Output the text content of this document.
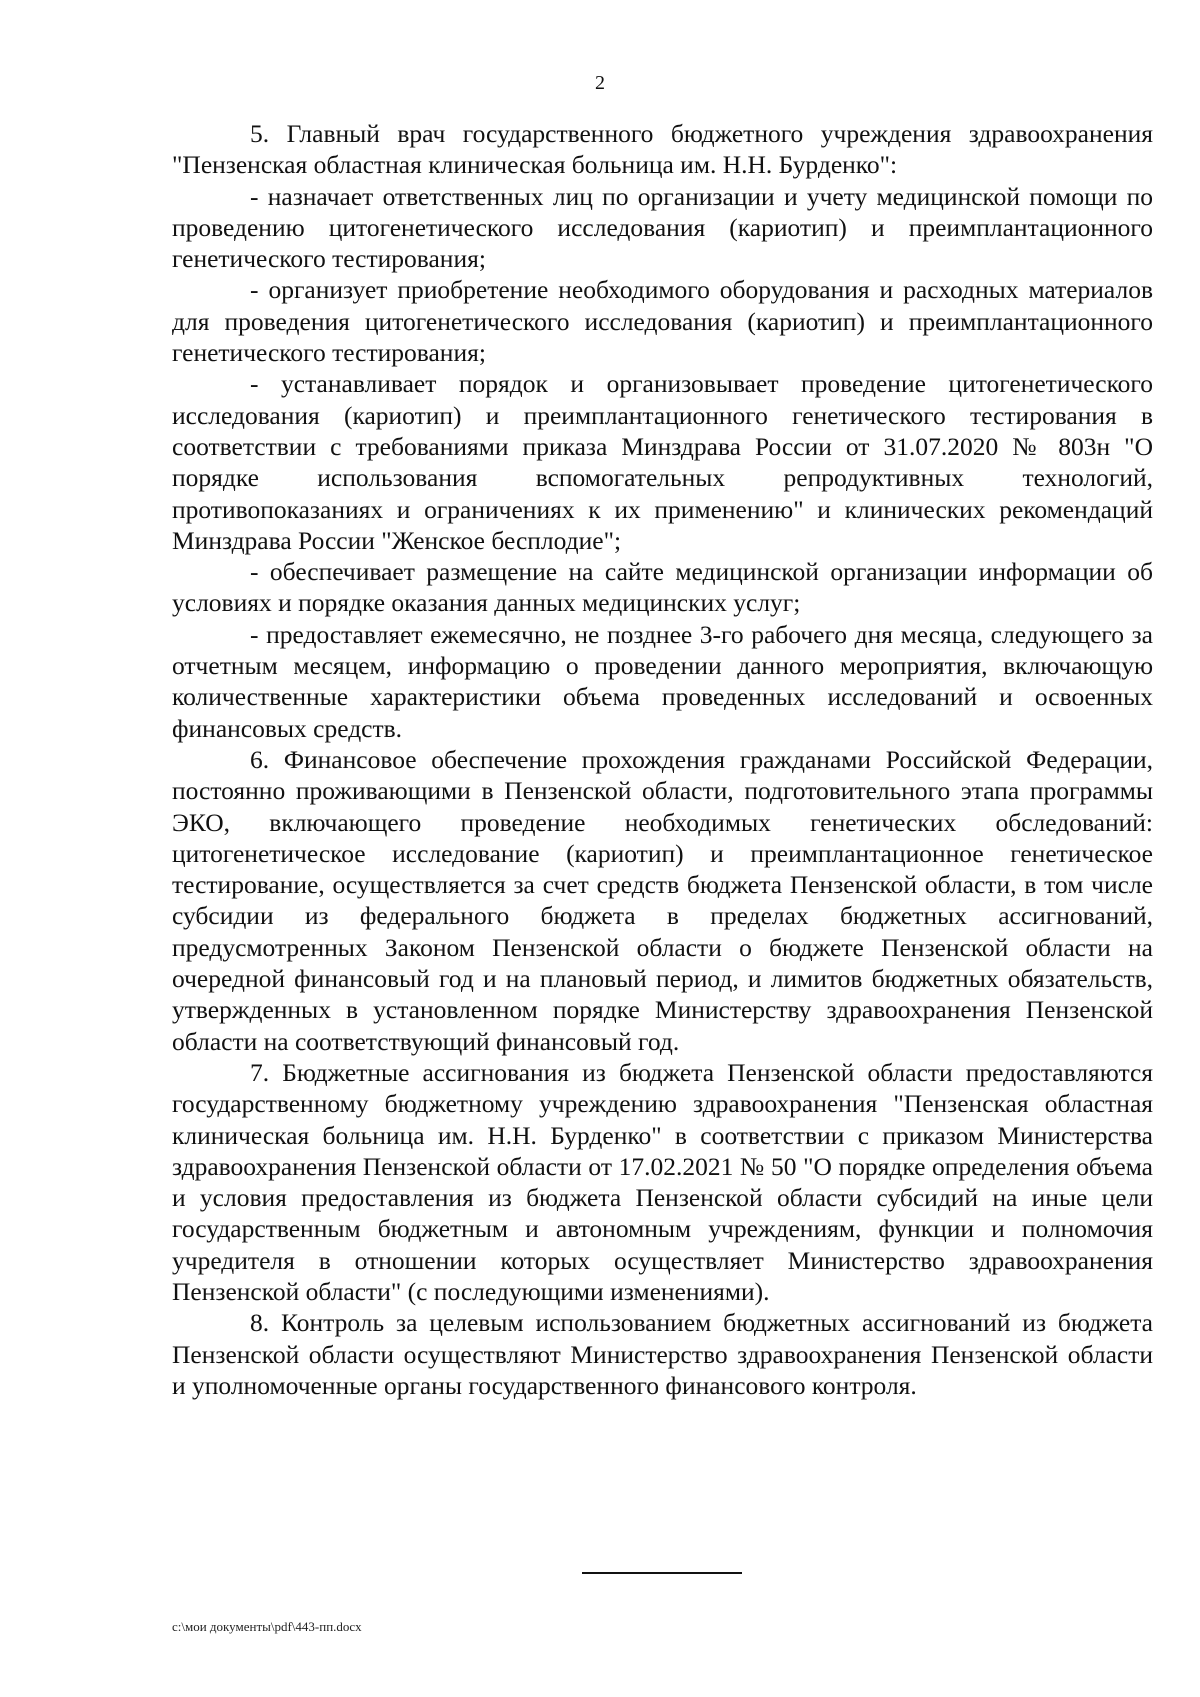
2

5. Главный врач государственного бюджетного учреждения здравоохранения "Пензенская областная клиническая больница им. Н.Н. Бурденко":

- назначает ответственных лиц по организации и учету медицинской помощи по проведению цитогенетического исследования (кариотип) и преимплантационного генетического тестирования;

- организует приобретение необходимого оборудования и расходных материалов для проведения цитогенетического исследования (кариотип) и преимплантационного генетического тестирования;

- устанавливает порядок и организовывает проведение цитогенетического исследования (кариотип) и преимплантационного генетического тестирования в соответствии с требованиями приказа Минздрава России от 31.07.2020 № 803н "О порядке использования вспомогательных репродуктивных технологий, противопоказаниях и ограничениях к их применению" и клинических рекомендаций Минздрава России "Женское бесплодие";

- обеспечивает размещение на сайте медицинской организации информации об условиях и порядке оказания данных медицинских услуг;

- предоставляет ежемесячно, не позднее 3-го рабочего дня месяца, следующего за отчетным месяцем, информацию о проведении данного мероприятия, включающую количественные характеристики объема проведенных исследований и освоенных финансовых средств.

6. Финансовое обеспечение прохождения гражданами Российской Федерации, постоянно проживающими в Пензенской области, подготовительного этапа программы ЭКО, включающего проведение необходимых генетических обследований: цитогенетическое исследование (кариотип) и преимплантационное генетическое тестирование, осуществляется за счет средств бюджета Пензенской области, в том числе субсидии из федерального бюджета в пределах бюджетных ассигнований, предусмотренных Законом Пензенской области о бюджете Пензенской области на очередной финансовый год и на плановый период, и лимитов бюджетных обязательств, утвержденных в установленном порядке Министерству здравоохранения Пензенской области на соответствующий финансовый год.

7. Бюджетные ассигнования из бюджета Пензенской области предоставляются государственному бюджетному учреждению здравоохранения "Пензенская областная клиническая больница им. Н.Н. Бурденко" в соответствии с приказом Министерства здравоохранения Пензенской области от 17.02.2021 № 50 "О порядке определения объема и условия предоставления из бюджета Пензенской области субсидий на иные цели государственным бюджетным и автономным учреждениям, функции и полномочия учредителя в отношении которых осуществляет Министерство здравоохранения Пензенской области" (с последующими изменениями).

8. Контроль за целевым использованием бюджетных ассигнований из бюджета Пензенской области осуществляют Министерство здравоохранения Пензенской области и уполномоченные органы государственного финансового контроля.

c:\мои документы\pdf\443-пп.docx
